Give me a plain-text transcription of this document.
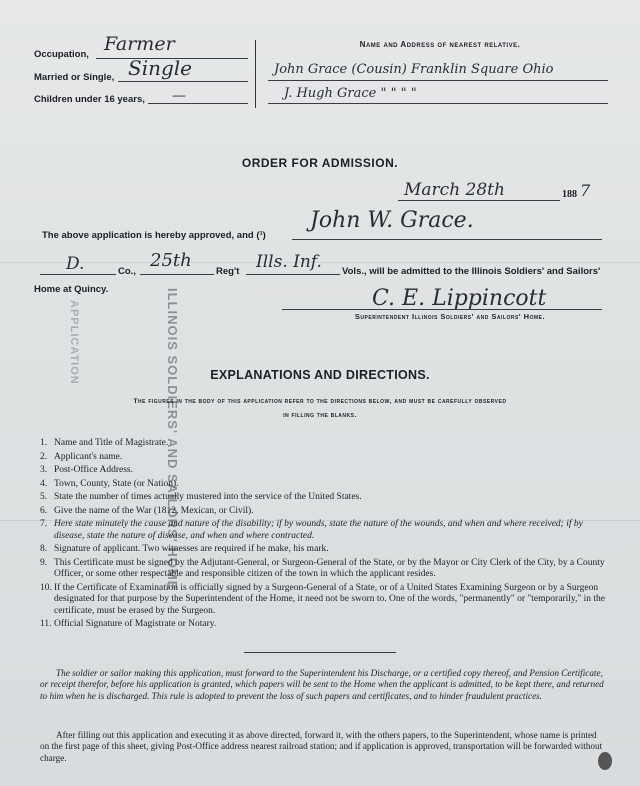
Occupation, Farmer
Married or Single, Single
Children under 16 years, —
Name and Address of nearest relative.
John Grace (Cousin) Franklin Square Ohio
J. Hugh Grace " " " "
ORDER FOR ADMISSION.
March 28th	188 7
The above application is hereby approved, and (¹)
John W. Grace.
D.	Co.,
25th
Reg't Ills. Inf. Vols., will be admitted to the Illinois Soldiers' and Sailors'
Home at Quincy.	C. E. Lippincott
Superintendent Illinois Soldiers' and Sailors' Home.
ILLINOIS SOLDIERS' AND SAILORS' HOME
APPLICATION	EXPLANATIONS AND DIRECTIONS.
The figures in the body of this application refer to the directions below, and must be carefully observed
in filling the blanks.
1. Name and Title of Magistrate.
2. Applicant's name.
3. Post-Office Address.
4. Town, County, State (or Nation).
5. State the number of times actually mustered into the service of the United States.
6. Give the name of the War (1812, Mexican, or Civil).
7. Here state minutely the cause and nature of the disability; if by wounds, state the nature of the wounds, and when and where received; if by disease, state the nature of disease, and when and where contracted.
8. Signature of applicant. Two witnesses are required if he make, his mark.
9. This Certificate must be signed by the Adjutant-General, or Surgeon-General of the State, or by the Mayor or City Clerk of the City, by a County Officer, or some other respectable and responsible citizen of the town in which the applicant resides.
10. If the Certificate of Examination is officially signed by a Surgeon-General of a State, or of a United States Examining Surgeon or by a Surgeon designated for that purpose by the Superintendent of the Home, it need not be sworn to. One of the words, "permanently" or "temporarily," in the certificate, must be erased by the Surgeon.
11. Official Signature of Magistrate or Notary.
The soldier or sailor making this application, must forward to the Superintendent his Discharge, or a certified copy thereof, and Pension Certificate, or receipt therefor, before his application is granted, which papers will be sent to the Home when the applicant is admitted, to be kept there, and returned to him when he is discharged. This rule is adopted to prevent the loss of such papers and certificates, and to hinder fraudulent practices.
After filling out this application and executing it as above directed, forward it, with the others papers, to the Superintendent, whose name is printed on the first page of this sheet, giving Post-Office address nearest railroad station; and if application is approved, transportation will be forwarded without charge.
